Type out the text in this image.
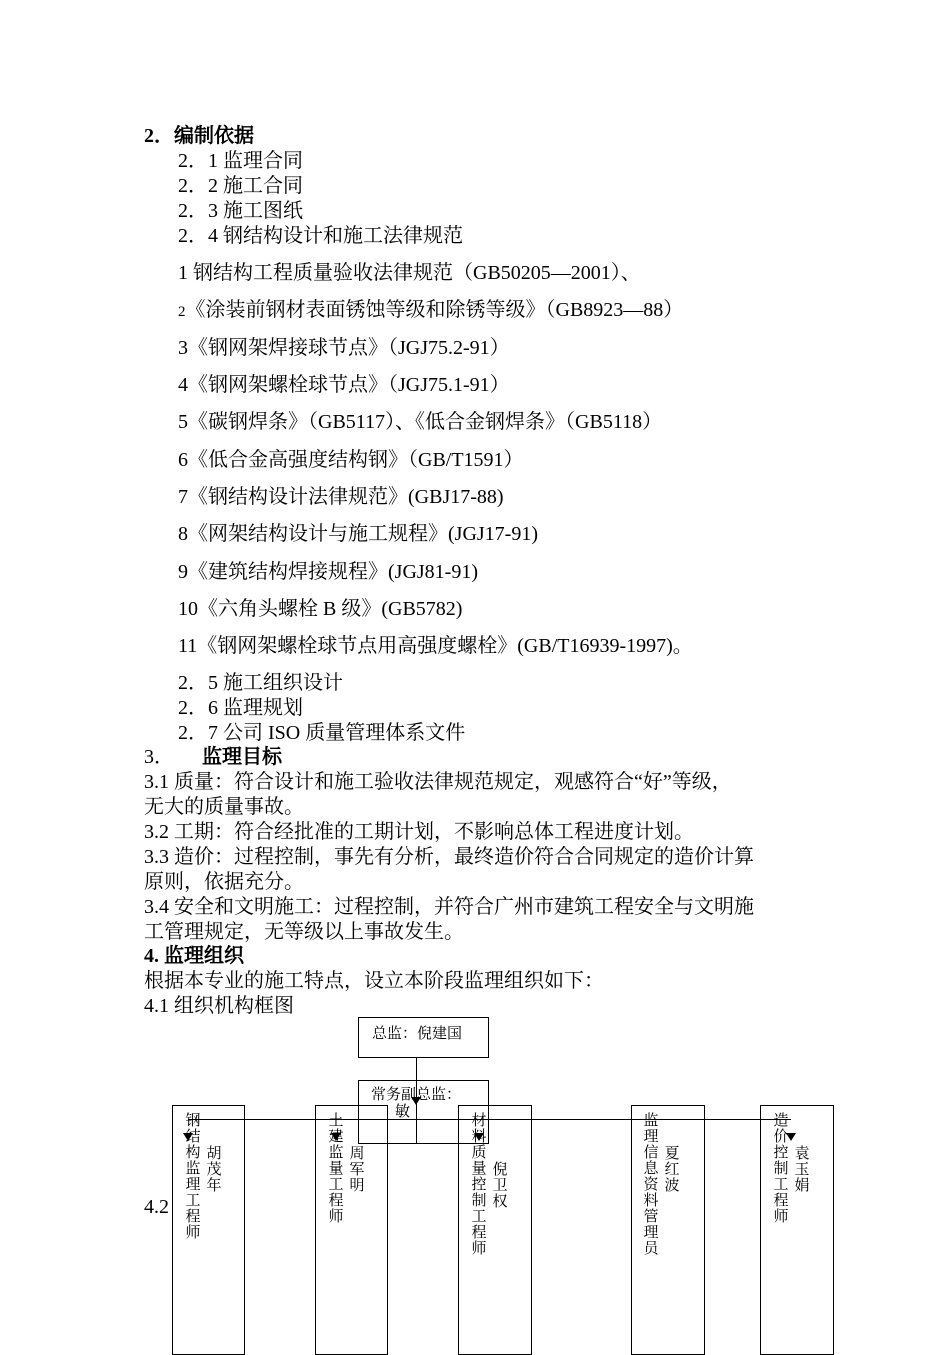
2．编制依据
2．1 监理合同
2．2 施工合同
2．3 施工图纸
2．4 钢结构设计和施工法律规范
1 钢结构工程质量验收法律规范（GB50205—2001）、
2《涂装前钢材表面锈蚀等级和除锈等级》（GB8923—88）
3《钢网架焊接球节点》（JGJ75.2-91）
4《钢网架螺栓球节点》（JGJ75.1-91）
5《碳钢焊条》（GB5117）、《低合金钢焊条》（GB5118）
6《低合金高强度结构钢》（GB/T1591）
7《钢结构设计法律规范》(GBJ17-88)
8《网架结构设计与施工规程》(JGJ17-91)
9《建筑结构焊接规程》(JGJ81-91)
10《六角头螺栓 B 级》(GB5782)
11《钢网架螺栓球节点用高强度螺栓》(GB/T16939-1997)。
2．5 施工组织设计
2．6 监理规划
2．7 公司 ISO 质量管理体系文件
3． 监理目标
3.1 质量：符合设计和施工验收法律规范规定，观感符合“好”等级，
无大的质量事故。
3.2 工期：符合经批准的工期计划，不影响总体工程进度计划。
3.3 造价：过程控制，事先有分析，最终造价符合合同规定的造价计算
原则，依据充分。
3.4 安全和文明施工：过程控制，并符合广州市建筑工程安全与文明施
工管理规定，无等级以上事故发生。
4. 监理组织
根据本专业的施工特点，设立本阶段监理组织如下：
4.1 组织机构框图
4.2
总监：倪建国
常务副总监：
敏
钢结构监理工程师
胡茂年
土建监量工程师
周军明
材料质量控制工程师
倪卫权
监理信息资料管理员
夏红波
造价控制工程师
袁玉娟
